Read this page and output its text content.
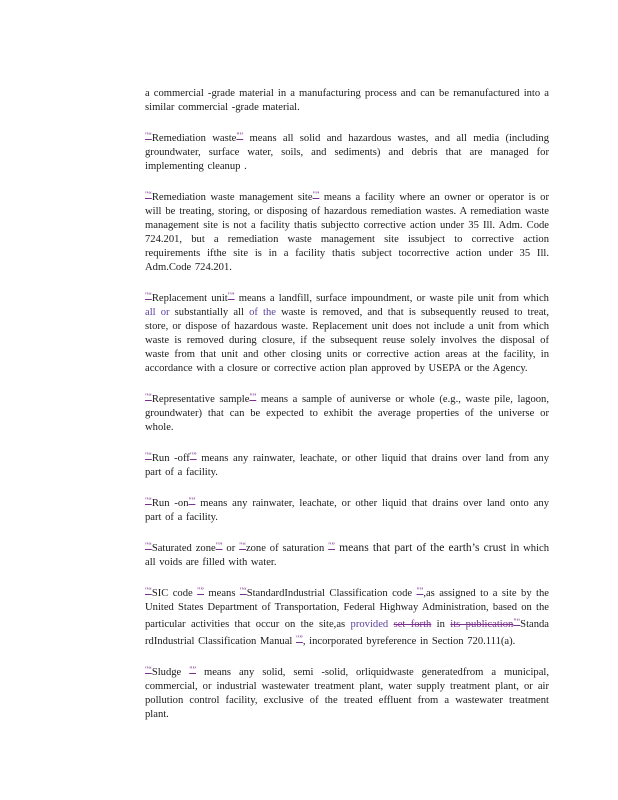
a commercial -grade material in a manufacturing process and can be remanufactured into a similar commercial -grade material.

"“Remediation waste"” means all solid and hazardous wastes, and all media (including groundwater, surface water, soils, and sediments) and debris that are managed for implementing cleanup .

"“Remediation waste management site"” means a facility where an owner or operator is or will be treating, storing, or disposing of hazardous remediation wastes. A remediation waste management site is not a facility thatis subjectto corrective action under 35 Ill. Adm. Code 724.201, but a remediation waste management site issubject to corrective action requirements ifthe site is in a facility thatis subject tocorrective action under 35 Ill. Adm.Code 724.201.

"“Replacement unit"” means a landfill, surface impoundment, or waste pile unit from which all or substantially all of the waste is removed, and that is subsequently reused to treat, store, or dispose of hazardous waste. Replacement unit does not include a unit from which waste is removed during closure, if the subsequent reuse solely involves the disposal of waste from that unit and other closing units or corrective action areas at the facility, in accordance with a closure or corrective action plan approved by USEPA or the Agency.

"“Representative sample"” means a sample of auniverse or whole (e.g., waste pile, lagoon, groundwater) that can be expected to exhibit the average properties of the universe or whole.

"“Run -off"” means any rainwater, leachate, or other liquid that drains over land from any part of a facility.

"“Run -on"” means any rainwater, leachate, or other liquid that drains over land onto any part of a facility.

"“Saturated zone"” or "“zone of saturation "” means that part of the earth’s crust in which all voids are filled with water.

"“SIC code "” means "“StandardIndustrial Classification code "”,as assigned to a site by the United States Department of Transportation, Federal Highway Administration, based on the particular activities that occur on the site,as provided set forth in its publication"“Standa rdIndustrial Classification Manual "”, incorporated byreference in Section 720.111(a).

"“Sludge "” means any solid, semi -solid, orliquidwaste generatedfrom a municipal, commercial, or industrial wastewater treatment plant, water supply treatment plant, or air pollution control facility, exclusive of the treated effluent from a wastewater treatment plant.
